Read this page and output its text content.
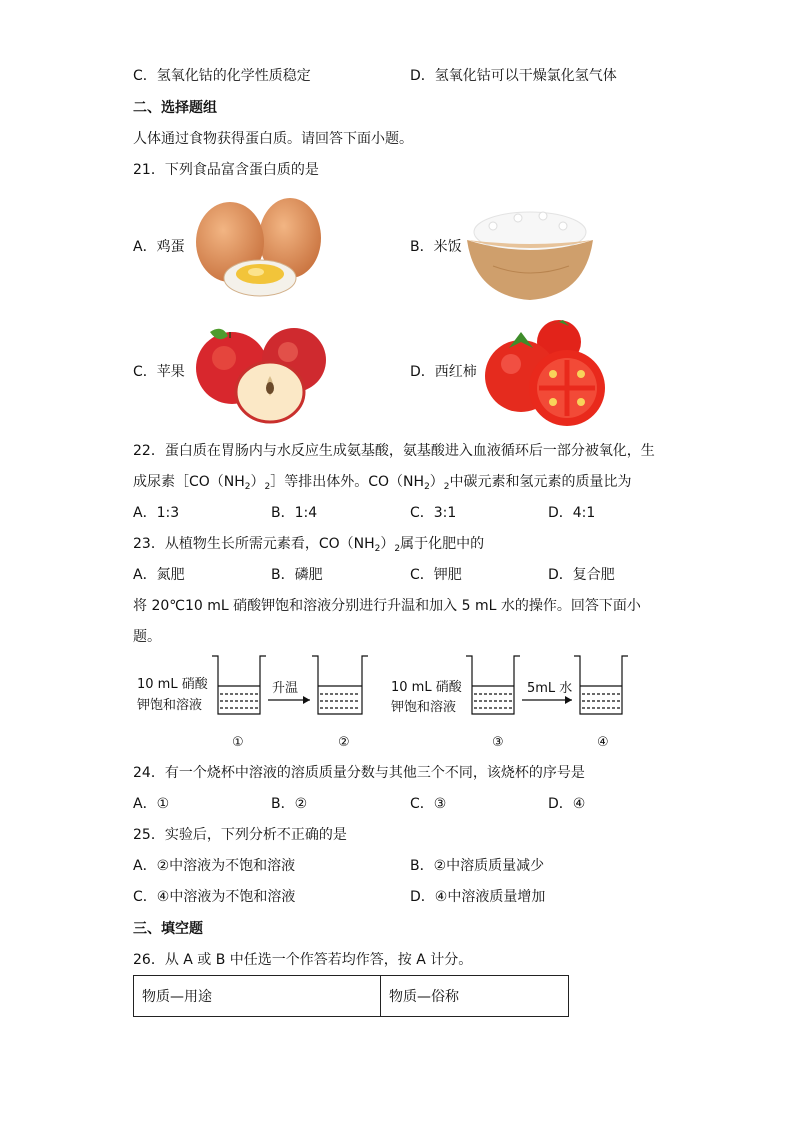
C．氢氧化钴的化学性质稳定	D．氢氧化钴可以干燥氯化氢气体
二、选择题组
人体通过食物获得蛋白质。请回答下面小题。
21．下列食品富含蛋白质的是
A．鸡蛋	B．米饭
C．苹果	D．西红柿
22．蛋白质在胃肠内与水反应生成氨基酸，氨基酸进入血液循环后一部分被氧化，生
成尿素$[CO(NH_2)_2]$等排出体外。$CO(NH_2)_2$中碳元素和氢元素的质量比为
A．1:3	B．1:4	C．3:1	D．4:1
23．从植物生长所需元素看，$CO(NH_2)_2$属于化肥中的
A．氮肥	B．磷肥	C．钾肥	D．复合肥
将 20℃10 mL 硝酸钾饱和溶液分别进行升温和加入 5 mL 水的操作。回答下面小
题。
10 mL 硝酸
钾饱和溶液
升温	10 mL 硝酸
钾饱和溶液
5mL 水
①	②	③	④
24．有一个烧杯中溶液的溶质质量分数与其他三个不同，该烧杯的序号是
A．①	B．②	C．③	D．④
25．实验后，下列分析不正确的是
A．②中溶液为不饱和溶液	B．②中溶质质量减少
C．④中溶液为不饱和溶液	D．④中溶液质量增加
三、填空题
26．从 A 或 B 中任选一个作答若均作答，按 A 计分。
物质—用途	物质—俗称
